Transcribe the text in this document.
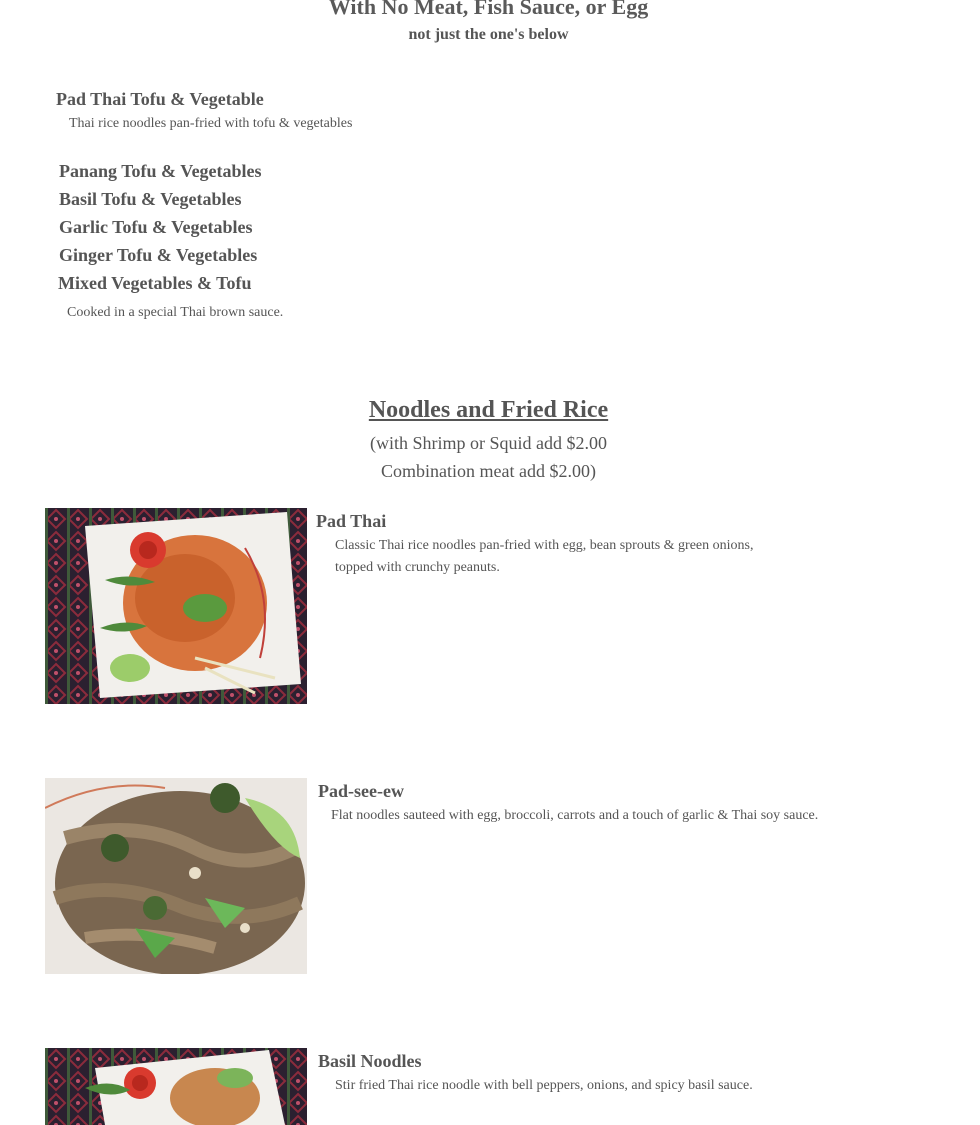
With No Meat, Fish Sauce, or Egg
not just the one's below
Pad Thai Tofu & Vegetable
Thai rice noodles pan-fried with tofu & vegetables
Panang Tofu & Vegetables
Basil Tofu & Vegetables
Garlic Tofu & Vegetables
Ginger Tofu & Vegetables
Mixed Vegetables & Tofu
Cooked in a special Thai brown sauce.
Noodles and Fried Rice
(with Shrimp or Squid add $2.00
Combination meat add $2.00)
Pad Thai
Classic Thai rice noodles pan-fried with egg, bean sprouts & green onions,
topped with crunchy peanuts.
Pad-see-ew
Flat noodles sauteed with egg, broccoli, carrots and a touch of garlic & Thai soy sauce.
Basil Noodles
Stir fried Thai rice noodle with bell peppers, onions, and spicy basil sauce.
